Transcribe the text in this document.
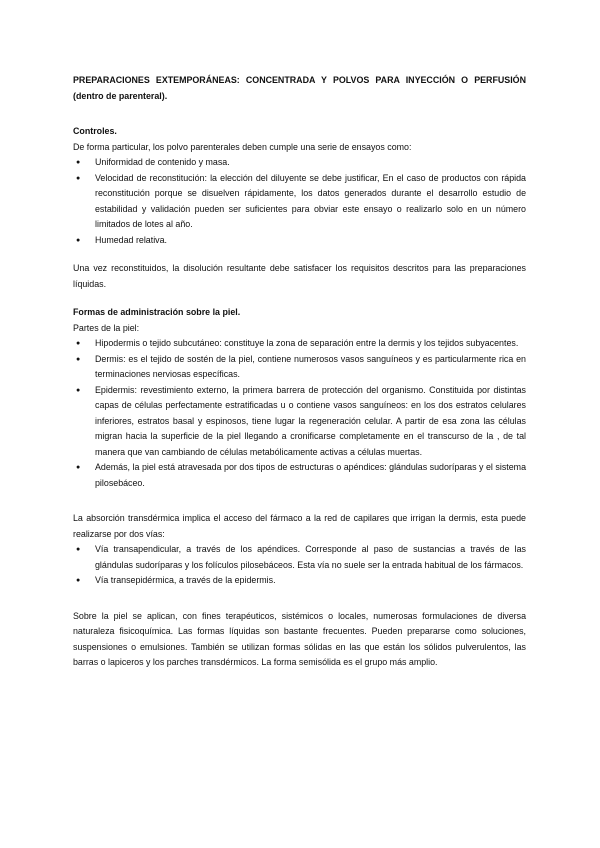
PREPARACIONES EXTEMPORÁNEAS: CONCENTRADA Y POLVOS PARA INYECCIÓN O PERFUSIÓN (dentro de parenteral).

Controles.

De forma particular, los polvo parenterales deben cumple una serie de ensayos como:

● Uniformidad de contenido y masa.
● Velocidad de reconstitución: la elección del diluyente se debe justificar, En el caso de productos con rápida reconstitución porque se disuelven rápidamente, los datos generados durante el desarrollo estudio de estabilidad y validación pueden ser suficientes para obviar este ensayo o realizarlo solo en un número limitados de lotes al año.
● Humedad relativa.

Una vez reconstituidos, la disolución resultante debe satisfacer los requisitos descritos para las preparaciones líquidas.

Formas de administración sobre la piel.

Partes de la piel:

● Hipodermis o tejido subcutáneo: constituye la zona de separación entre la dermis y los tejidos subyacentes.
● Dermis: es el tejido de sostén de la piel, contiene numerosos vasos sanguíneos y es particularmente rica en terminaciones nerviosas específicas.
● Epidermis: revestimiento externo, la primera barrera de protección del organismo. Constituida por distintas capas de células perfectamente estratificadas u o contiene vasos sanguíneos: en los dos estratos celulares inferiores, estratos basal y espinosos, tiene lugar la regeneración celular. A partir de esa zona las células migran hacia la superficie de la piel llegando a cronificarse completamente en el transcurso de la , de tal manera que van cambiando de células metabólicamente activas a células muertas.
● Además, la piel está atravesada por dos tipos de estructuras o apéndices: glándulas sudoríparas y el sistema pilosebáceo.

La absorción transdérmica implica el acceso del fármaco a la red de capilares que irrigan la dermis, esta puede realizarse por dos vías:

● Vía transapendicular, a través de los apéndices. Corresponde al paso de sustancias a través de las glándulas sudoríparas y los folículos pilosebáceos. Esta vía no suele ser la entrada habitual de los fármacos.
● Vía transepidérmica, a través de la epidermis.

Sobre la piel se aplican, con fines terapéuticos, sistémicos o locales, numerosas formulaciones de diversa naturaleza fisicoquímica. Las formas líquidas son bastante frecuentes. Pueden prepararse como soluciones, suspensiones o emulsiones. También se utilizan formas sólidas en las que están los sólidos pulverulentos, las barras o lapiceros y los parches transdérmicos. La forma semisólida es el grupo más amplio.
